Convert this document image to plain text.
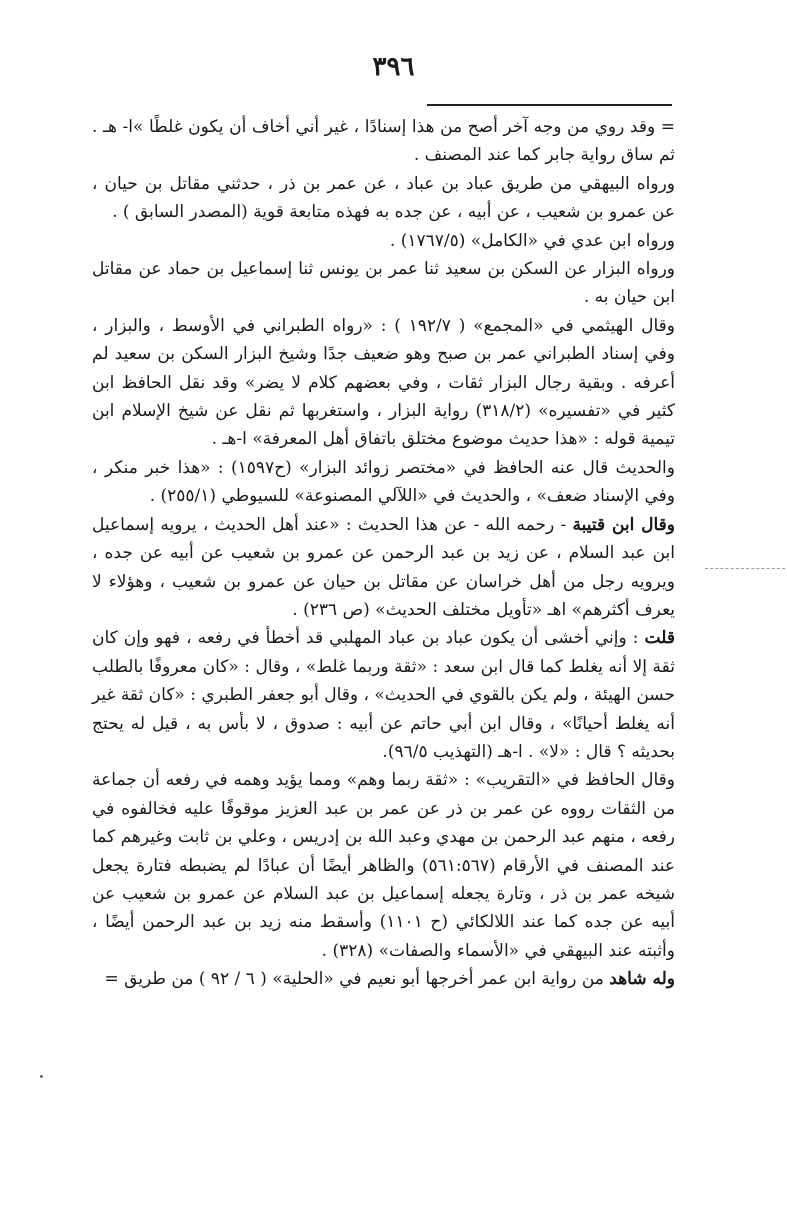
٣٩٦

= وقد روي من وجه آخر أصح من هذا إسنادًا ، غير أني أخاف أن يكون غلطًا »ا- هـ . ثم ساق رواية جابر كما عند المصنف .

ورواه البيهقي من طريق عباد بن عباد ، عن عمر بن ذر ، حدثني مقاتل بن حيان ، عن عمرو بن شعيب ، عن أبيه ، عن جده به فهذه متابعة قوية (المصدر السابق ) .

ورواه ابن عدي في «الكامل» (١٧٦٧/٥) .

ورواه البزار عن السكن بن سعيد ثنا عمر بن يونس ثنا إسماعيل بن حماد عن مقاتل ابن حيان به .

وقال الهيثمي في «المجمع» ( ١٩٢/٧ ) : «رواه الطبراني في الأوسط ، والبزار ، وفي إسناد الطبراني عمر بن صبح وهو ضعيف جدًا وشيخ البزار السكن بن سعيد لم أعرفه . وبقية رجال البزار ثقات ، وفي بعضهم كلام لا يضر» وقد نقل الحافظ ابن كثير في «تفسيره» (٣١٨/٢) رواية البزار ، واستغربها ثم نقل عن شيخ الإسلام ابن تيمية قوله : «هذا حديث موضوع مختلق باتفاق أهل المعرفة» ا-هـ .

والحديث قال عنه الحافظ في «مختصر زوائد البزار» (ح١٥٩٧) : «هذا خبر منكر ، وفي الإسناد ضعف» ، والحديث في «اللآلي المصنوعة» للسيوطي (٢٥٥/١) .

وقال ابن قتيبة - رحمه الله - عن هذا الحديث : «عند أهل الحديث ، يرويه إسماعيل ابن عبد السلام ، عن زيد بن عبد الرحمن عن عمرو بن شعيب عن أبيه عن جده ، ويرويه رجل من أهل خراسان عن مقاتل بن حيان عن عمرو بن شعيب ، وهؤلاء لا يعرف أكثرهم» اهـ «تأويل مختلف الحديث» (ص ٢٣٦) .

قلت : وإني أخشى أن يكون عباد بن عباد المهلبي قد أخطأ في رفعه ، فهو وإن كان ثقة إلا أنه يغلط كما قال ابن سعد : «ثقة وربما غلط» ، وقال : «كان معروفًا بالطلب حسن الهيئة ، ولم يكن بالقوي في الحديث» ، وقال أبو جعفر الطبري : «كان ثقة غير أنه يغلط أحيانًا» ، وقال ابن أبي حاتم عن أبيه : صدوق ، لا بأس به ، قيل له يحتج بحديثه ؟ قال : «لا» . ا-هـ (التهذيب ٩٦/٥).

وقال الحافظ في «التقريب» : «ثقة ربما وهم» ومما يؤيد وهمه في رفعه أن جماعة من الثقات رووه عن عمر بن ذر عن عمر بن عبد العزيز موقوفًا عليه فخالفوه في رفعه ، منهم عبد الرحمن بن مهدي وعبد الله بن إدريس ، وعلي بن ثابت وغيرهم كما عند المصنف في الأرقام (٥٦١:٥٦٧) والظاهر أيضًا أن عبادًا لم يضبطه فتارة يجعل شيخه عمر بن ذر ، وتارة يجعله إسماعيل بن عبد السلام عن عمرو بن شعيب عن أبيه عن جده كما عند اللالكائي (ح ١١٠١) وأسقط منه زيد بن عبد الرحمن أيضًا ، وأثبته عند البيهقي في «الأسماء والصفات» (٣٢٨) .

وله شاهد من رواية ابن عمر أخرجها أبو نعيم في «الحلية» ( ٦ / ٩٢ ) من طريق =
